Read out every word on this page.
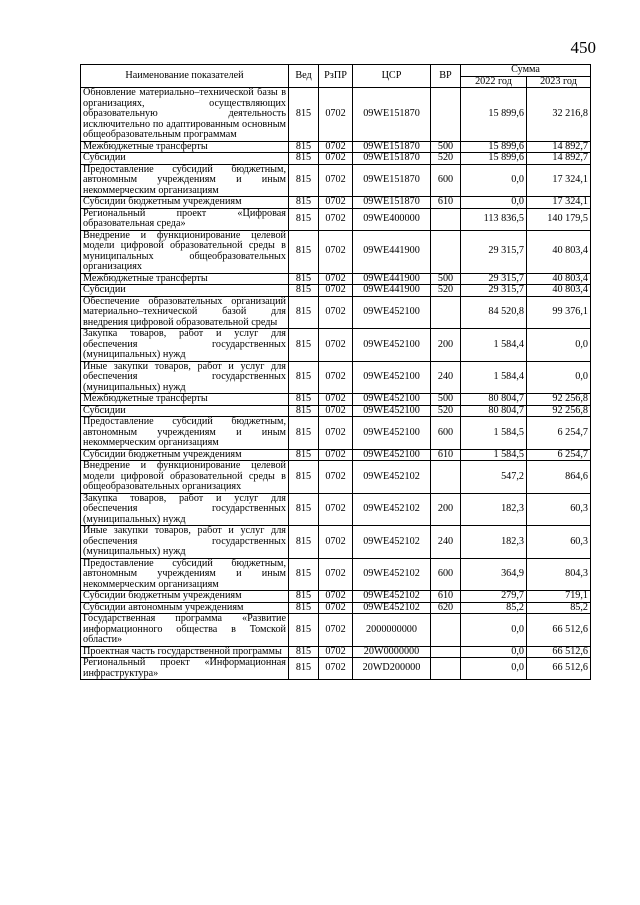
450
Наименование показателей	Вед	РзПР	ЦСР	ВР	Сумма	
					2022 год	2023 год
Обновление материально–технической базы в организациях, осуществляющих образовательную деятельность исключительно по адаптированным основным общеобразовательным программам	815	0702	09WE151870		15 899,6	32 216,8
Межбюджетные трансферты	815	0702	09WE151870	500	15 899,6	14 892,7
Субсидии	815	0702	09WE151870	520	15 899,6	14 892,7
Предоставление субсидий бюджетным, автономным учреждениям и иным некоммерческим организациям	815	0702	09WE151870	600	0,0	17 324,1
Субсидии бюджетным учреждениям	815	0702	09WE151870	610	0,0	17 324,1
Региональный проект «Цифровая образовательная среда»	815	0702	09WE400000		113 836,5	140 179,5
Внедрение и функционирование целевой модели цифровой образовательной среды в муниципальных общеобразовательных организациях	815	0702	09WE441900		29 315,7	40 803,4
Межбюджетные трансферты	815	0702	09WE441900	500	29 315,7	40 803,4
Субсидии	815	0702	09WE441900	520	29 315,7	40 803,4
Обеспечение образовательных организаций материально–технической базой для внедрения цифровой образовательной среды	815	0702	09WE452100		84 520,8	99 376,1
Закупка товаров, работ и услуг для обеспечения государственных (муниципальных) нужд	815	0702	09WE452100	200	1 584,4	0,0
Иные закупки товаров, работ и услуг для обеспечения государственных (муниципальных) нужд	815	0702	09WE452100	240	1 584,4	0,0
Межбюджетные трансферты	815	0702	09WE452100	500	80 804,7	92 256,8
Субсидии	815	0702	09WE452100	520	80 804,7	92 256,8
Предоставление субсидий бюджетным, автономным учреждениям и иным некоммерческим организациям	815	0702	09WE452100	600	1 584,5	6 254,7
Субсидии бюджетным учреждениям	815	0702	09WE452100	610	1 584,5	6 254,7
Внедрение и функционирование целевой модели цифровой образовательной среды в общеобразовательных организациях	815	0702	09WE452102		547,2	864,6
Закупка товаров, работ и услуг для обеспечения государственных (муниципальных) нужд	815	0702	09WE452102	200	182,3	60,3
Иные закупки товаров, работ и услуг для обеспечения государственных (муниципальных) нужд	815	0702	09WE452102	240	182,3	60,3
Предоставление субсидий бюджетным, автономным учреждениям и иным некоммерческим организациям	815	0702	09WE452102	600	364,9	804,3
Субсидии бюджетным учреждениям	815	0702	09WE452102	610	279,7	719,1
Субсидии автономным учреждениям	815	0702	09WE452102	620	85,2	85,2
Государственная программа «Развитие информационного общества в Томской области»	815	0702	2000000000		0,0	66 512,6
Проектная часть государственной программы	815	0702	20W0000000		0,0	66 512,6
Региональный проект «Информационная инфраструктура»	815	0702	20WD200000		0,0	66 512,6
